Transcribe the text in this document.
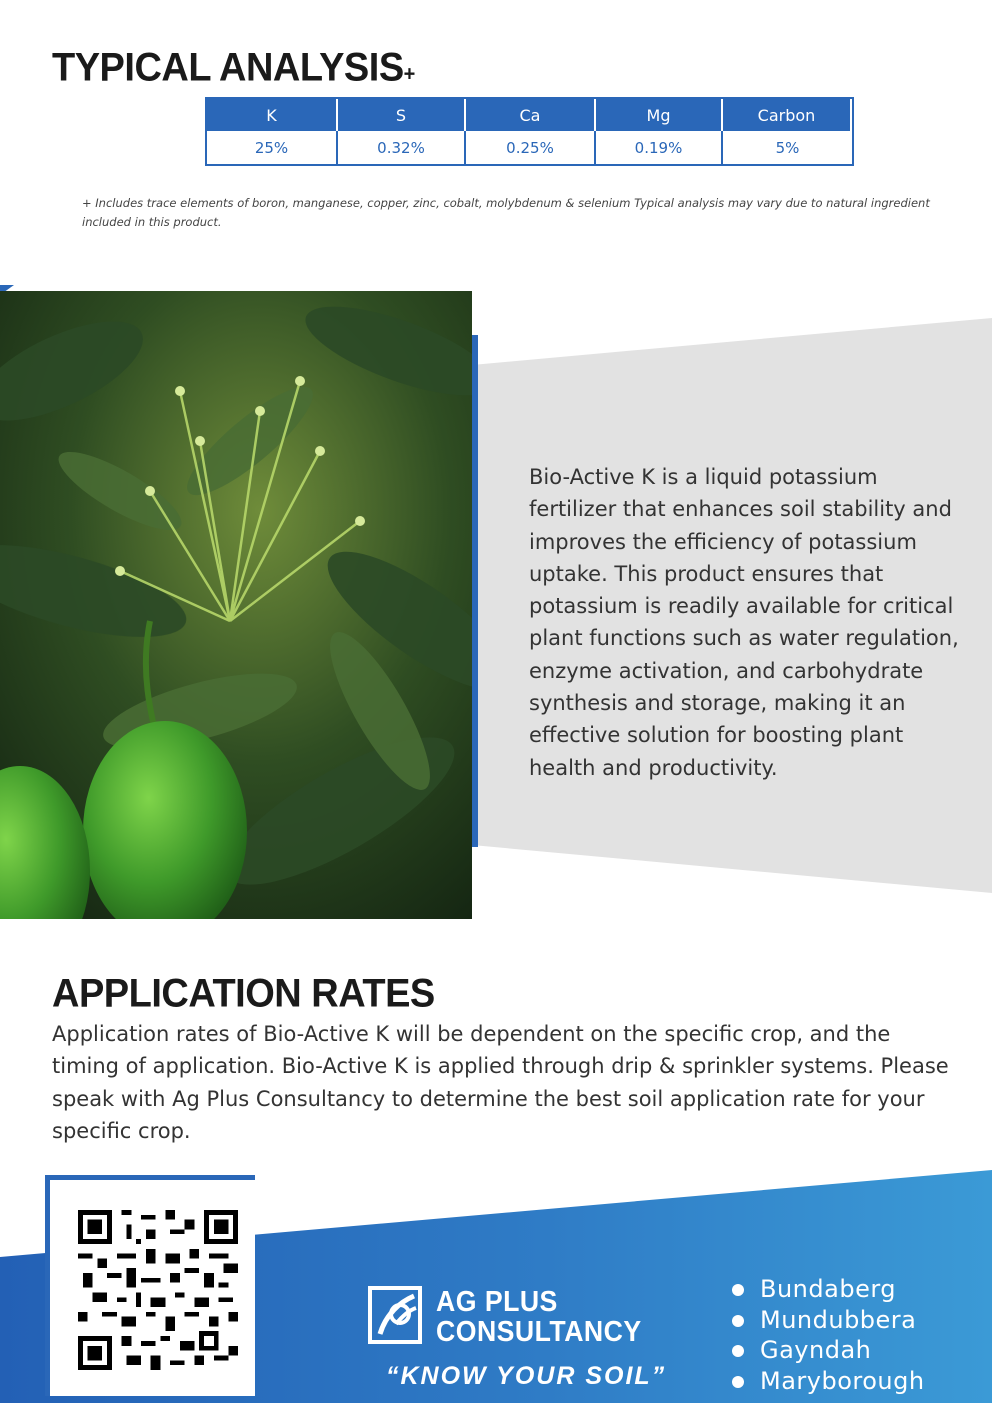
TYPICAL ANALYSIS+
K	S	Ca	Mg	Carbon
25%	0.32%	0.25%	0.19%	5%

+ Includes trace elements of boron, manganese, copper, zinc, cobalt, molybdenum & selenium Typical analysis may vary due to natural ingredient included in this product.

Bio-Active K is a liquid potassium fertilizer that enhances soil stability and improves the efficiency of potassium uptake. This product ensures that potassium is readily available for critical plant functions such as water regulation, enzyme activation, and carbohydrate synthesis and storage, making it an effective solution for boosting plant health and productivity.

APPLICATION RATES

Application rates of Bio-Active K will be dependent on the specific crop, and the timing of application. Bio-Active K is applied through drip & sprinkler systems. Please speak with Ag Plus Consultancy to determine the best soil application rate for your specific crop.

AG PLUS
CONSULTANCY
“KNOW YOUR SOIL”
Bundaberg
Mundubbera
Gayndah
Maryborough
